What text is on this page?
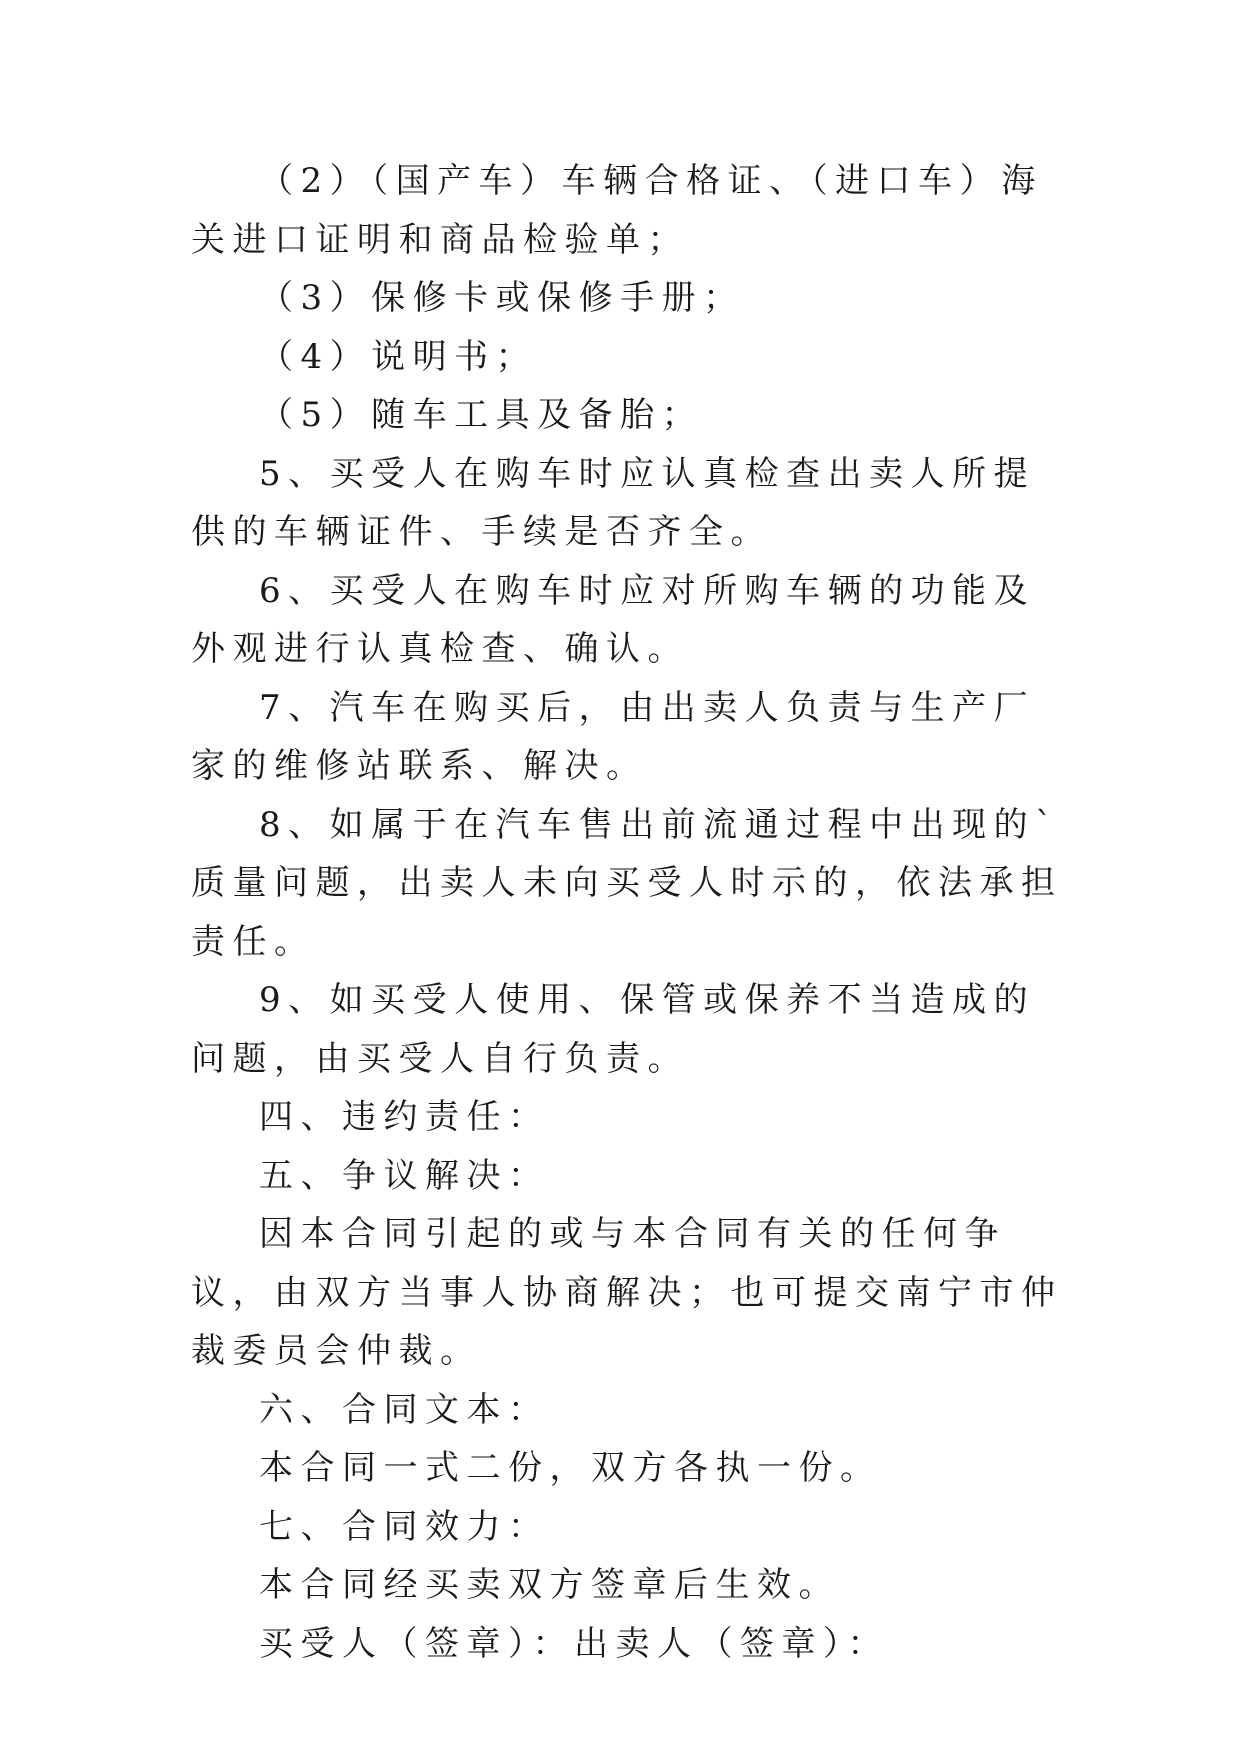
（2）（国产车）车辆合格证、（进口车）海关进口证明和商品检验单；

（3）保修卡或保修手册；

（4）说明书；

（5）随车工具及备胎；

5、买受人在购车时应认真检查出卖人所提供的车辆证件、手续是否齐全。

6、买受人在购车时应对所购车辆的功能及外观进行认真检查、确认。

7、汽车在购买后，由出卖人负责与生产厂家的维修站联系、解决。

8、如属于在汽车售出前流通过程中出现的`质量问题，出卖人未向买受人时示的，依法承担责任。

9、如买受人使用、保管或保养不当造成的问题，由买受人自行负责。

四、违约责任：

五、争议解决：

因本合同引起的或与本合同有关的任何争议，由双方当事人协商解决；也可提交南宁市仲裁委员会仲裁。

六、合同文本：

本合同一式二份，双方各执一份。

七、合同效力：

本合同经买卖双方签章后生效。

买受人（签章）：出卖人（签章）：
